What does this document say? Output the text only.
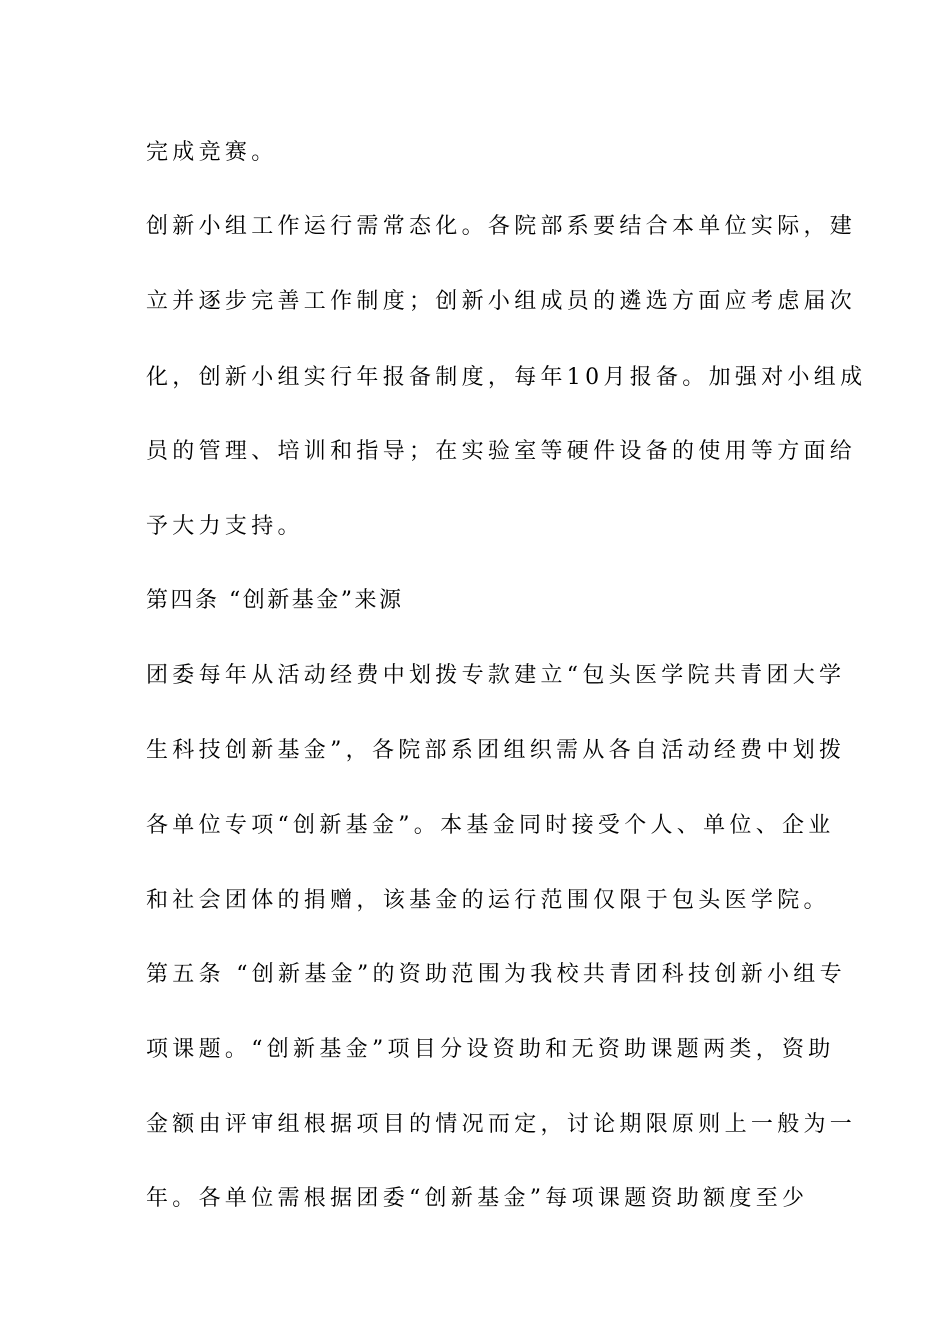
完成竞赛。
创新小组工作运行需常态化。各院部系要结合本单位实际，建
立并逐步完善工作制度；创新小组成员的遴选方面应考虑届次
化，创新小组实行年报备制度，每年10月报备。加强对小组成
员的管理、培训和指导；在实验室等硬件设备的使用等方面给
予大力支持。
第四条 “创新基金”来源
团委每年从活动经费中划拨专款建立“包头医学院共青团大学
生科技创新基金”，各院部系团组织需从各自活动经费中划拨
各单位专项“创新基金”。本基金同时接受个人、单位、企业
和社会团体的捐赠，该基金的运行范围仅限于包头医学院。
第五条 “创新基金”的资助范围为我校共青团科技创新小组专
项课题。“创新基金”项目分设资助和无资助课题两类，资助
金额由评审组根据项目的情况而定，讨论期限原则上一般为一
年。各单位需根据团委“创新基金”每项课题资助额度至少
